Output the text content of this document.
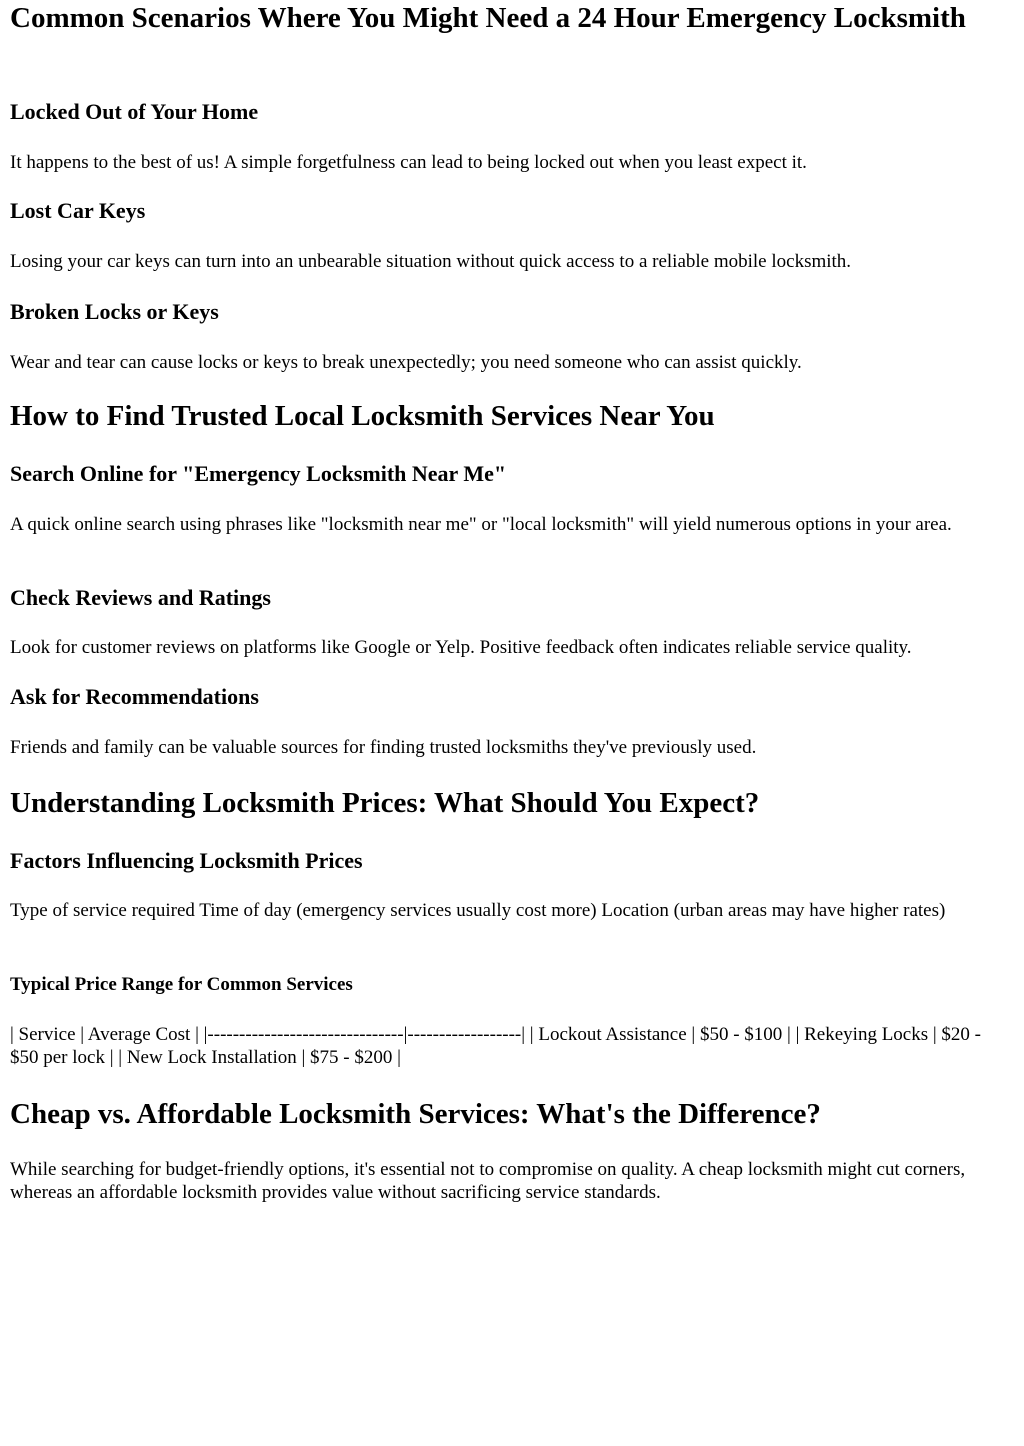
Common Scenarios Where You Might Need a 24 Hour Emergency Locksmith
Locked Out of Your Home

It happens to the best of us! A simple forgetfulness can lead to being locked out when you least expect it.

Lost Car Keys

Losing your car keys can turn into an unbearable situation without quick access to a reliable mobile locksmith.

Broken Locks or Keys

Wear and tear can cause locks or keys to break unexpectedly; you need someone who can assist quickly.

How to Find Trusted Local Locksmith Services Near You
Search Online for "Emergency Locksmith Near Me"

A quick online search using phrases like "locksmith near me" or "local locksmith" will yield numerous options in your area.

Check Reviews and Ratings

Look for customer reviews on platforms like Google or Yelp. Positive feedback often indicates reliable service quality.

Ask for Recommendations

Friends and family can be valuable sources for finding trusted locksmiths they've previously used.

Understanding Locksmith Prices: What Should You Expect?
Factors Influencing Locksmith Prices

Type of service required Time of day (emergency services usually cost more) Location (urban areas may have higher rates)

Typical Price Range for Common Services

| Service | Average Cost | |-------------------------------|------------------| | Lockout Assistance | $50 - $100 | | Rekeying Locks | $20 - $50 per lock | | New Lock Installation | $75 - $200 |

Cheap vs. Affordable Locksmith Services: What's the Difference?

While searching for budget-friendly options, it's essential not to compromise on quality. A cheap locksmith might cut corners, whereas an affordable locksmith provides value without sacrificing service standards.
